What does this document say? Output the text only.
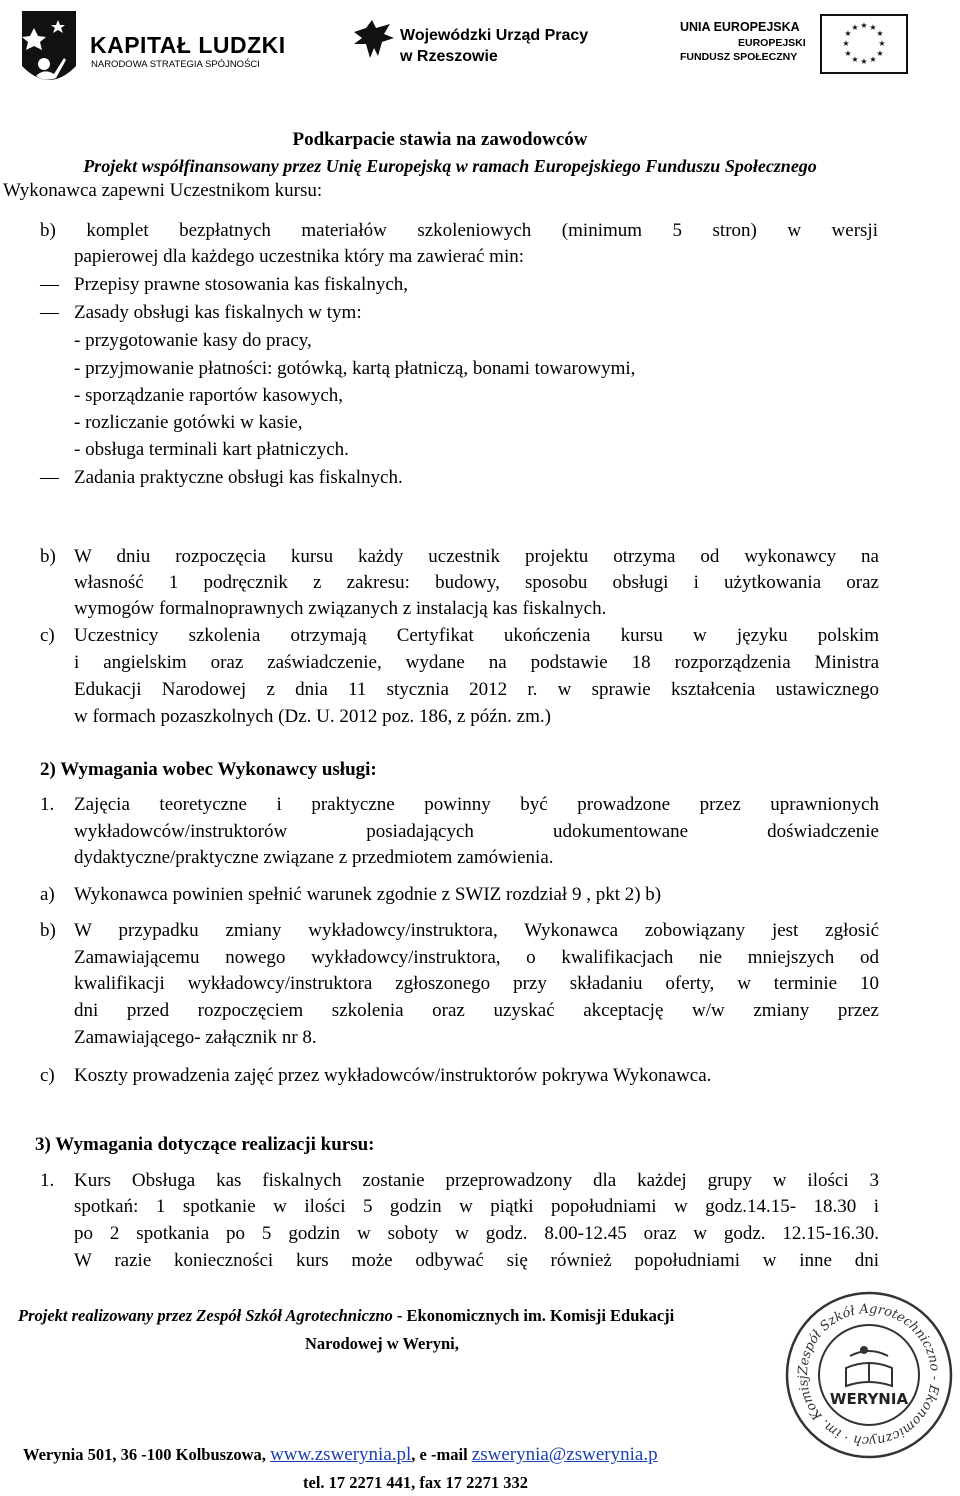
KAPITAŁ LUDZKI
NARODOWA STRATEGIA SPÓJNOŚCI
Wojewódzki Urząd Pracy
w Rzeszowie
UNIA EUROPEJSKA
EUROPEJSKI
FUNDUSZ SPOŁECZNY
★ ★
★
★
★
★
★
★
★
★
★
★
Podkarpacie stawia na zawodowców
Projekt współfinansowany przez Unię Europejską w ramach Europejskiego Funduszu Społecznego
Wykonawca zapewni Uczestnikom kursu:
b) komplet bezpłatnych materiałów szkoleniowych (minimum 5 stron) w wersji
papierowej dla każdego uczestnika który ma zawierać min:
— Przepisy prawne stosowania kas fiskalnych,
— Zasady obsługi kas fiskalnych w tym:
- przygotowanie kasy do pracy,
- przyjmowanie płatności: gotówką, kartą płatniczą, bonami towarowymi,
- sporządzanie raportów kasowych,
- rozliczanie gotówki w kasie,
- obsługa terminali kart płatniczych.
— Zadania praktyczne obsługi kas fiskalnych.
b) W dniu rozpoczęcia kursu każdy uczestnik projektu otrzyma od wykonawcy na
własność 1 podręcznik z zakresu: budowy, sposobu obsługi i użytkowania oraz
wymogów formalnoprawnych związanych z instalacją kas fiskalnych.
c) Uczestnicy szkolenia otrzymają Certyfikat ukończenia kursu w języku polskim
i angielskim oraz zaświadczenie, wydane na podstawie 18 rozporządzenia Ministra
Edukacji Narodowej z dnia 11 stycznia 2012 r. w sprawie kształcenia ustawicznego
w formach pozaszkolnych (Dz. U. 2012 poz. 186, z późn. zm.)
2) Wymagania wobec Wykonawcy usługi:
1. Zajęcia teoretyczne i praktyczne powinny być prowadzone przez uprawnionych
wykładowców/instruktorów posiadających udokumentowane doświadczenie
dydaktyczne/praktyczne związane z przedmiotem zamówienia.
a) Wykonawca powinien spełnić warunek zgodnie z SWIZ rozdział 9 , pkt 2) b)
b) W przypadku zmiany wykładowcy/instruktora, Wykonawca zobowiązany jest zgłosić
Zamawiającemu nowego wykładowcy/instruktora, o kwalifikacjach nie mniejszych od
kwalifikacji wykładowcy/instruktora zgłoszonego przy składaniu oferty, w terminie 10
dni przed rozpoczęciem szkolenia oraz uzyskać akceptację w/w zmiany przez
Zamawiającego- załącznik nr 8.
c) Koszty prowadzenia zajęć przez wykładowców/instruktorów pokrywa Wykonawca.
3) Wymagania dotyczące realizacji kursu:
1. Kurs Obsługa kas fiskalnych zostanie przeprowadzony dla każdej grupy w ilości 3
spotkań: 1 spotkanie w ilości 5 godzin w piątki popołudniami w godz.14.15- 18.30 i
po 2 spotkania po 5 godzin w soboty w godz. 8.00-12.45 oraz w godz. 12.15-16.30.
W razie konieczności kurs może odbywać się również popołudniami w inne dni
Projekt realizowany przez Zespół Szkół Agrotechniczno - Ekonomicznych im. Komisji Edukacji
Narodowej w Weryni,
Werynia 501, 36 -100 Kolbuszowa, www.zswerynia.pl, e -mail zswerynia@zswerynia.p
tel. 17 2271 441, fax 17 2271 332
Zespół Szkół Agrotechniczno - Ekonomicznych · im. Komisj
WERYNIA
